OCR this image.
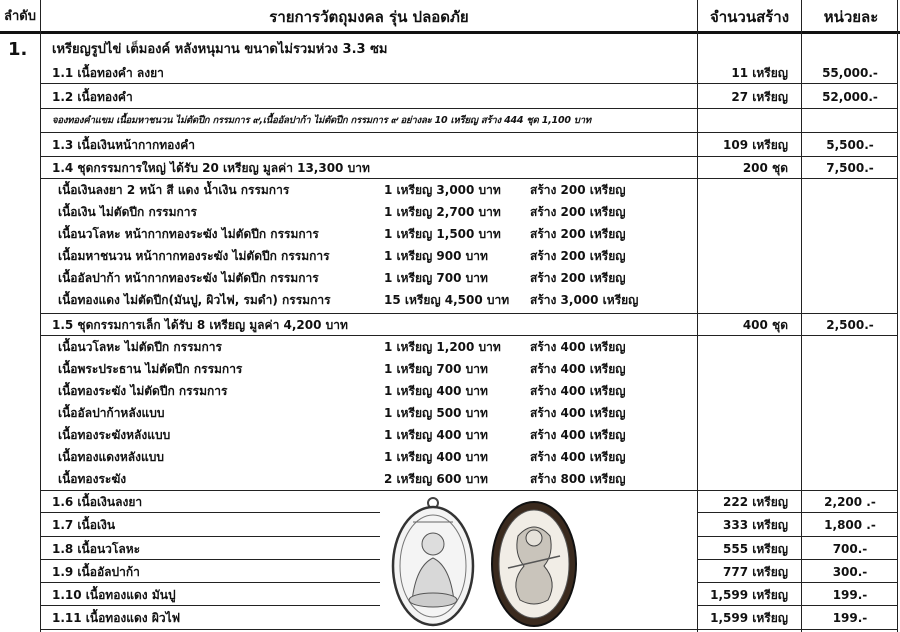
ลำดับ	รายการวัตถุมงคล รุ่น ปลอดภัย	จำนวนสร้าง	หน่วยละ
1.	เหรียญรูปไข่ เต็มองค์ หลังหนุมาน ขนาดไม่รวมห่วง 3.3 ซม
1.1 เนื้อทองคำ ลงยา	11 เหรียญ	55,000.-
1.2 เนื้อทองคำ	27 เหรียญ	52,000.-
จองทองคำแขม เนื้อมหาชนวน ไม่ตัดปีก กรรมการ ๙,เนื้ออัลปาก้า ไม่ตัดปีก กรรมการ ๙ อย่างละ 10 เหรียญ สร้าง 444 ชุด 1,100 บาท
1.3 เนื้อเงินหน้ากากทองคำ	109 เหรียญ	5,500.-
1.4 ชุดกรรมการใหญ่ ได้รับ 20 เหรียญ มูลค่า 13,300 บาท	200 ชุด	7,500.-
เนื้อเงินลงยา 2 หน้า สี แดง น้ำเงิน กรรมการ	1 เหรียญ 3,000 บาท	สร้าง 200 เหรียญ
เนื้อเงิน ไม่ตัดปีก กรรมการ	1 เหรียญ 2,700 บาท	สร้าง 200 เหรียญ
เนื้อนวโลหะ หน้ากากทองระฆัง ไม่ตัดปีก กรรมการ	1 เหรียญ 1,500 บาท	สร้าง 200 เหรียญ
เนื้อมหาชนวน หน้ากากทองระฆัง ไม่ตัดปีก กรรมการ	1 เหรียญ 900 บาท	สร้าง 200 เหรียญ
เนื้ออัลปาก้า หน้ากากทองระฆัง ไม่ตัดปีก กรรมการ	1 เหรียญ 700 บาท	สร้าง 200 เหรียญ
เนื้อทองแดง ไม่ตัดปีก(มันปู, ผิวไฟ, รมดำ) กรรมการ	15 เหรียญ 4,500 บาท	สร้าง 3,000 เหรียญ
1.5 ชุดกรรมการเล็ก ได้รับ 8 เหรียญ มูลค่า 4,200 บาท	400 ชุด	2,500.-
เนื้อนวโลหะ ไม่ตัดปีก กรรมการ	1 เหรียญ 1,200 บาท	สร้าง 400 เหรียญ
เนื้อพระประธาน ไม่ตัดปีก กรรมการ	1 เหรียญ 700 บาท	สร้าง 400 เหรียญ
เนื้อทองระฆัง ไม่ตัดปีก กรรมการ	1 เหรียญ 400 บาท	สร้าง 400 เหรียญ
เนื้ออัลปาก้าหลังแบบ	1 เหรียญ 500 บาท	สร้าง 400 เหรียญ
เนื้อทองระฆังหลังแบบ	1 เหรียญ 400 บาท	สร้าง 400 เหรียญ
เนื้อทองแดงหลังแบบ	1 เหรียญ 400 บาท	สร้าง 400 เหรียญ
เนื้อทองระฆัง	2 เหรียญ 600 บาท	สร้าง 800 เหรียญ
1.6 เนื้อเงินลงยา	222 เหรียญ	2,200 .-
1.7 เนื้อเงิน	333 เหรียญ	1,800 .-
1.8 เนื้อนวโลหะ	555 เหรียญ	700.-
1.9 เนื้ออัลปาก้า	777 เหรียญ	300.-
1.10 เนื้อทองแดง มันปู	1,599 เหรียญ	199.-
1.11 เนื้อทองแดง ผิวไฟ	1,599 เหรียญ	199.-
